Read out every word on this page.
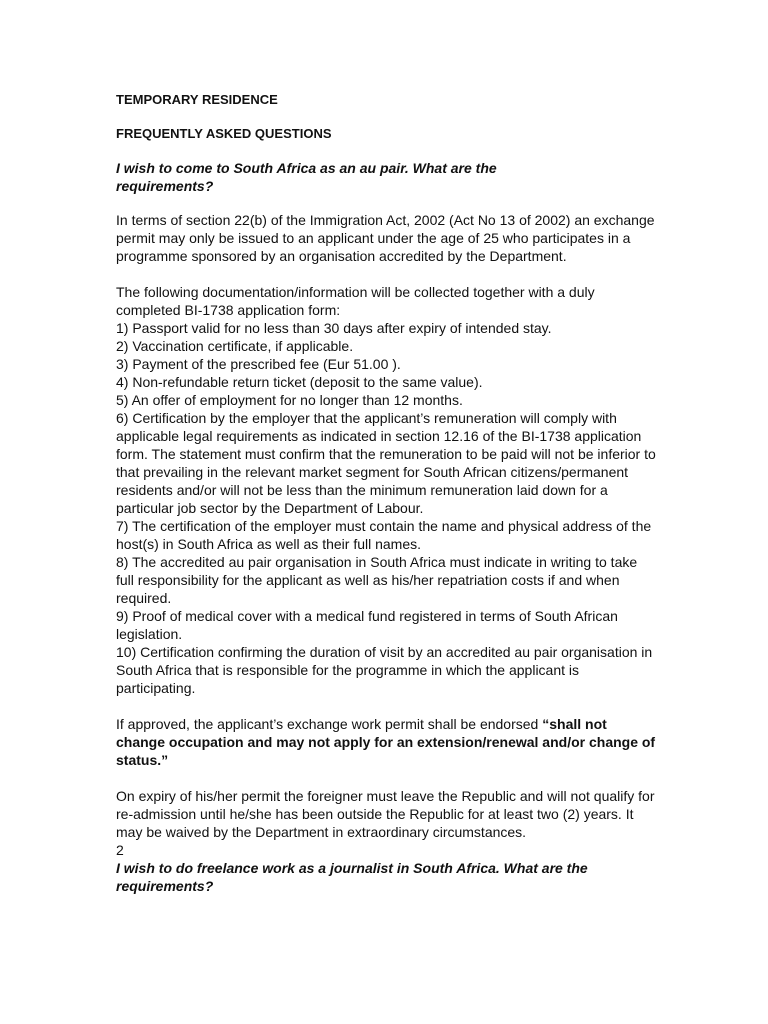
TEMPORARY RESIDENCE

FREQUENTLY ASKED QUESTIONS

I wish to come to South Africa as an au pair. What are the requirements?

In terms of section 22(b) of the Immigration Act, 2002 (Act No 13 of 2002) an exchange permit may only be issued to an applicant under the age of 25 who participates in a programme sponsored by an organisation accredited by the Department.

The following documentation/information will be collected together with a duly completed BI-1738 application form:

1) Passport valid for no less than 30 days after expiry of intended stay.
2) Vaccination certificate, if applicable.
3) Payment of the prescribed fee (Eur 51.00 ).
4) Non-refundable return ticket (deposit to the same value).
5) An offer of employment for no longer than 12 months.
6) Certification by the employer that the applicant’s remuneration will comply with
applicable legal requirements as indicated in section 12.16 of the BI-1738 application form. The statement must confirm that the remuneration to be paid will not be inferior to that prevailing in the relevant market segment for South African citizens/permanent residents and/or will not be less than the minimum remuneration laid down for a particular job sector by the Department of Labour.
7) The certification of the employer must contain the name and physical address of the host(s) in South Africa as well as their full names.
8) The accredited au pair organisation in South Africa must indicate in writing to take full responsibility for the applicant as well as his/her repatriation costs if and when required.
9) Proof of medical cover with a medical fund registered in terms of South African legislation.
10) Certification confirming the duration of visit by an accredited au pair organisation in South Africa that is responsible for the programme in which the applicant is
participating.

If approved, the applicant’s exchange work permit shall be endorsed “shall not change occupation and may not apply for an extension/renewal and/or change of status.”

On expiry of his/her permit the foreigner must leave the Republic and will not qualify for re-admission until he/she has been outside the Republic for at least two (2) years. It may be waived by the Department in extraordinary circumstances.

2

I wish to do freelance work as a journalist in South Africa. What are the requirements?
